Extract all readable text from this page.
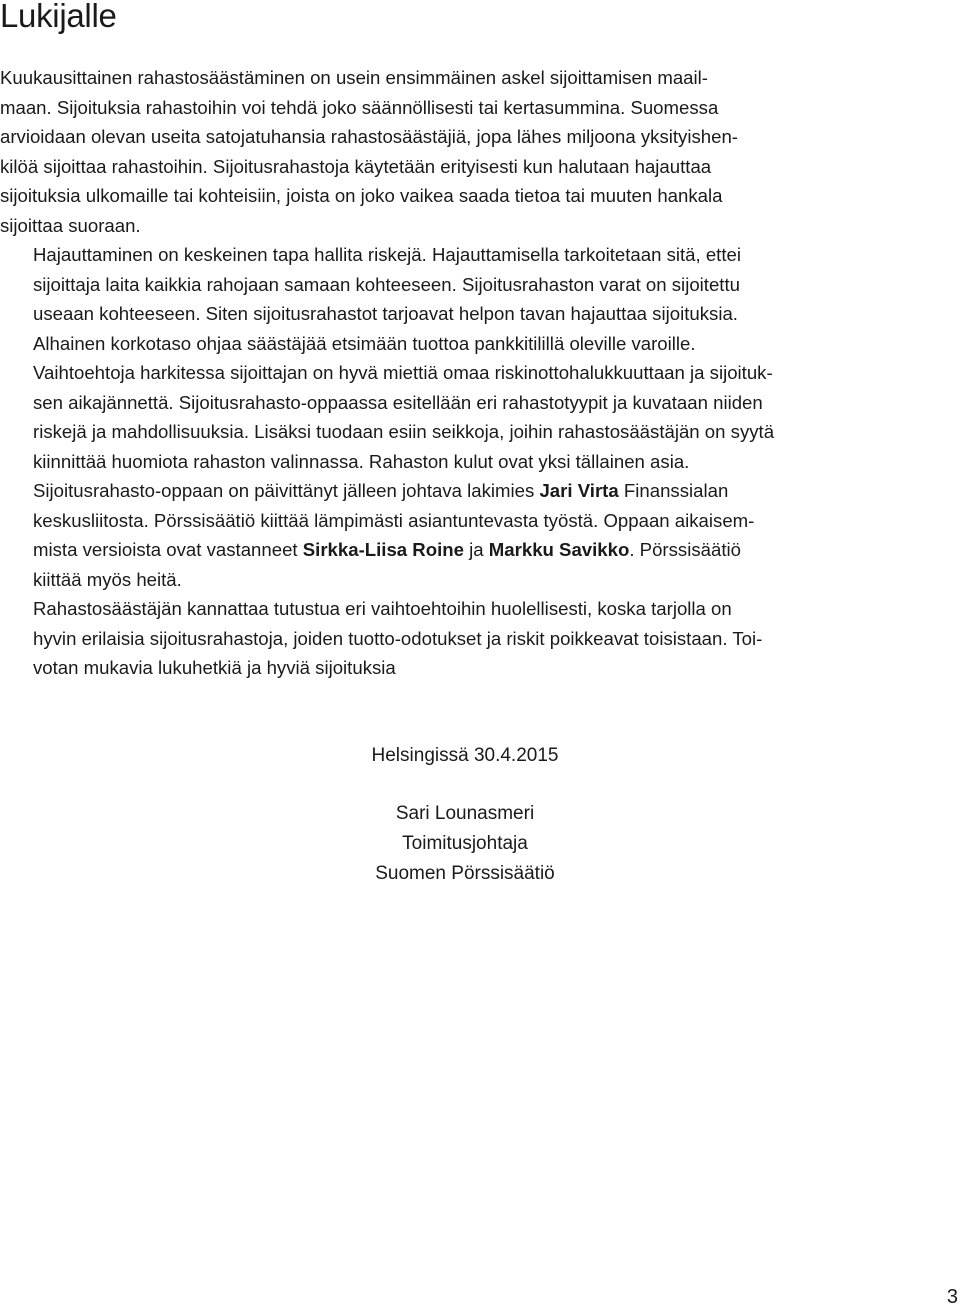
Lukijalle

Kuukausittainen rahastosäästäminen on usein ensimmäinen askel sijoittamisen maail-
maan. Sijoituksia rahastoihin voi tehdä joko säännöllisesti tai kertasummina. Suomessa
arvioidaan olevan useita satojatuhansia rahastosäästäjiä, jopa lähes miljoona yksityishen-
kilöä sijoittaa rahastoihin. Sijoitusrahastoja käytetään erityisesti kun halutaan hajauttaa
sijoituksia ulkomaille tai kohteisiin, joista on joko vaikea saada tietoa tai muuten hankala
sijoittaa suoraan.

Hajauttaminen on keskeinen tapa hallita riskejä. Hajauttamisella tarkoitetaan sitä, ettei
sijoittaja laita kaikkia rahojaan samaan kohteeseen. Sijoitusrahaston varat on sijoitettu
useaan kohteeseen. Siten sijoitusrahastot tarjoavat helpon tavan hajauttaa sijoituksia.

Alhainen korkotaso ohjaa säästäjää etsimään tuottoa pankkitilillä oleville varoille.
Vaihtoehtoja harkitessa sijoittajan on hyvä miettiä omaa riskinottohalukkuuttaan ja sijoituk-
sen aikajännettä. Sijoitusrahasto-oppaassa esitellään eri rahastotyypit ja kuvataan niiden
riskejä ja mahdollisuuksia. Lisäksi tuodaan esiin seikkoja, joihin rahastosäästäjän on syytä
kiinnittää huomiota rahaston valinnassa. Rahaston kulut ovat yksi tällainen asia.

Sijoitusrahasto-oppaan on päivittänyt jälleen johtava lakimies Jari Virta Finanssialan
keskusliitosta. Pörssisäätiö kiittää lämpimästi asiantuntevasta työstä. Oppaan aikaisem-
mista versioista ovat vastanneet Sirkka-Liisa Roine ja Markku Savikko. Pörssisäätiö
kiittää myös heitä.

Rahastosäästäjän kannattaa tutustua eri vaihtoehtoihin huolellisesti, koska tarjolla on
hyvin erilaisia sijoitusrahastoja, joiden tuotto-odotukset ja riskit poikkeavat toisistaan. Toi-
votan mukavia lukuhetkiä ja hyviä sijoituksia

Helsingissä 30.4.2015
Sari Lounasmeri
Toimitusjohtaja
Suomen Pörssisäätiö
3
